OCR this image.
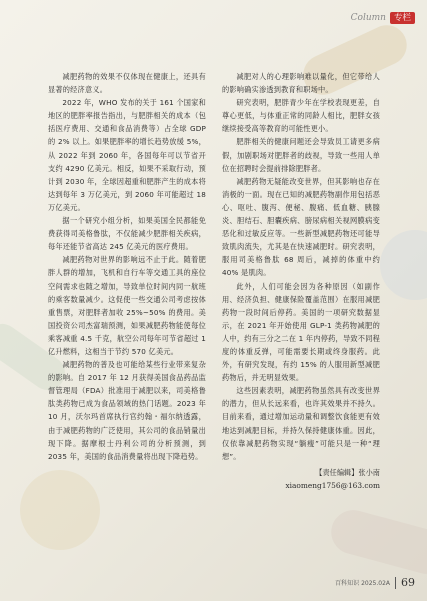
Column 专栏

减肥药物的效果不仅体现在健康上，还具有显著的经济意义。

2022 年，WHO 发布的关于 161 个国家和地区的肥胖率报告指出，与肥胖相关的成本（包括医疗费用、交通和食品消费等）占全球 GDP 的 2% 以上。如果肥胖率的增长趋势放缓 5%，从 2022 年到 2060 年，各国每年可以节省开支约 4290 亿美元。相反，如果不采取行动，预计到 2030 年，全球因超重和肥胖产生的成本将达到每年 3 万亿美元，到 2060 年可能超过 18 万亿美元。

据一个研究小组分析，如果美国全民都能免费获得司美格鲁肽，不仅能减少肥胖相关疾病，每年还能节省高达 245 亿美元的医疗费用。

减肥药物对世界的影响远不止于此。随着肥胖人群的增加，飞机和自行车等交通工具的座位空间需求也随之增加，导致单位时间内同一航班的乘客数量减少。这促使一些交通公司考虑按体重售票，对肥胖者加收 25%~50% 的费用。美国投资公司杰富瑞预测，如果减肥药物能使每位乘客减重 4.5 千克，航空公司每年可节省超过 1 亿升燃料，这相当于节约 570 亿美元。

减肥药物的普及也可能给某些行业带来复杂的影响。自 2017 年 12 月获得美国食品药品监督管理局（FDA）批准用于减肥以来，司美格鲁肽类药物已成为食品领域的热门话题。2023 年 10 月，沃尔玛首席执行官约翰・福尔纳透露，由于减肥药物的广泛使用，其公司的食品销量出现下降。据摩根士丹利公司的分析预测，到 2035 年，美国的食品消费量将出现下降趋势。

减肥对人的心理影响难以量化，但它带给人的影响确实渗透到教育和职场中。

研究表明，肥胖青少年在学校表现更差，自尊心更低，与体重正常的同龄人相比，肥胖女孩继续接受高等教育的可能性更小。

肥胖相关的健康问题还会导致员工请更多病假，加剧职场对肥胖者的歧视，导致一些用人单位在招聘时会提前排除肥胖者。

减肥药物无疑能改变世界，但其影响也存在消极的一面。现在已知的减肥药物副作用包括恶心、呕吐、腹泻、便秘、腹痛、低血糖、胰腺炎、胆结石、胆囊疾病、膀尿病相关视网膜病变恶化和过敏反应等。一些新型减肥药物还可能导致肌肉流失，尤其是在快速减肥时。研究表明，服用司美格鲁肽 68 周后，减掉的体重中约 40% 是肌肉。

此外，人们可能会因为各种原因（如副作用、经济负担、健康保险覆盖范围）在服用减肥药物一段时间后停药。美国的一项研究数据显示，在 2021 年开始使用 GLP-1 类药物减肥的人中，约有三分之二在 1 年内停药，导致不同程度的体重反弹，可能需要长期或终身服药。此外，有研究发现，有约 15% 的人服用新型减肥药物后，并无明显效果。

这些因素表明，减肥药物虽然具有改变世界的潜力，但从长远来看，也许其效果并不持久。目前来看，通过增加运动量和调整饮食能更有效地达到减肥目标，并持久保持健康体重。因此，仅依靠减肥药物实现“躺瘦”可能只是一种“理想”。

【责任编辑】张小南
xiaomeng1756@163.com
百科知识 2025.02A 69
